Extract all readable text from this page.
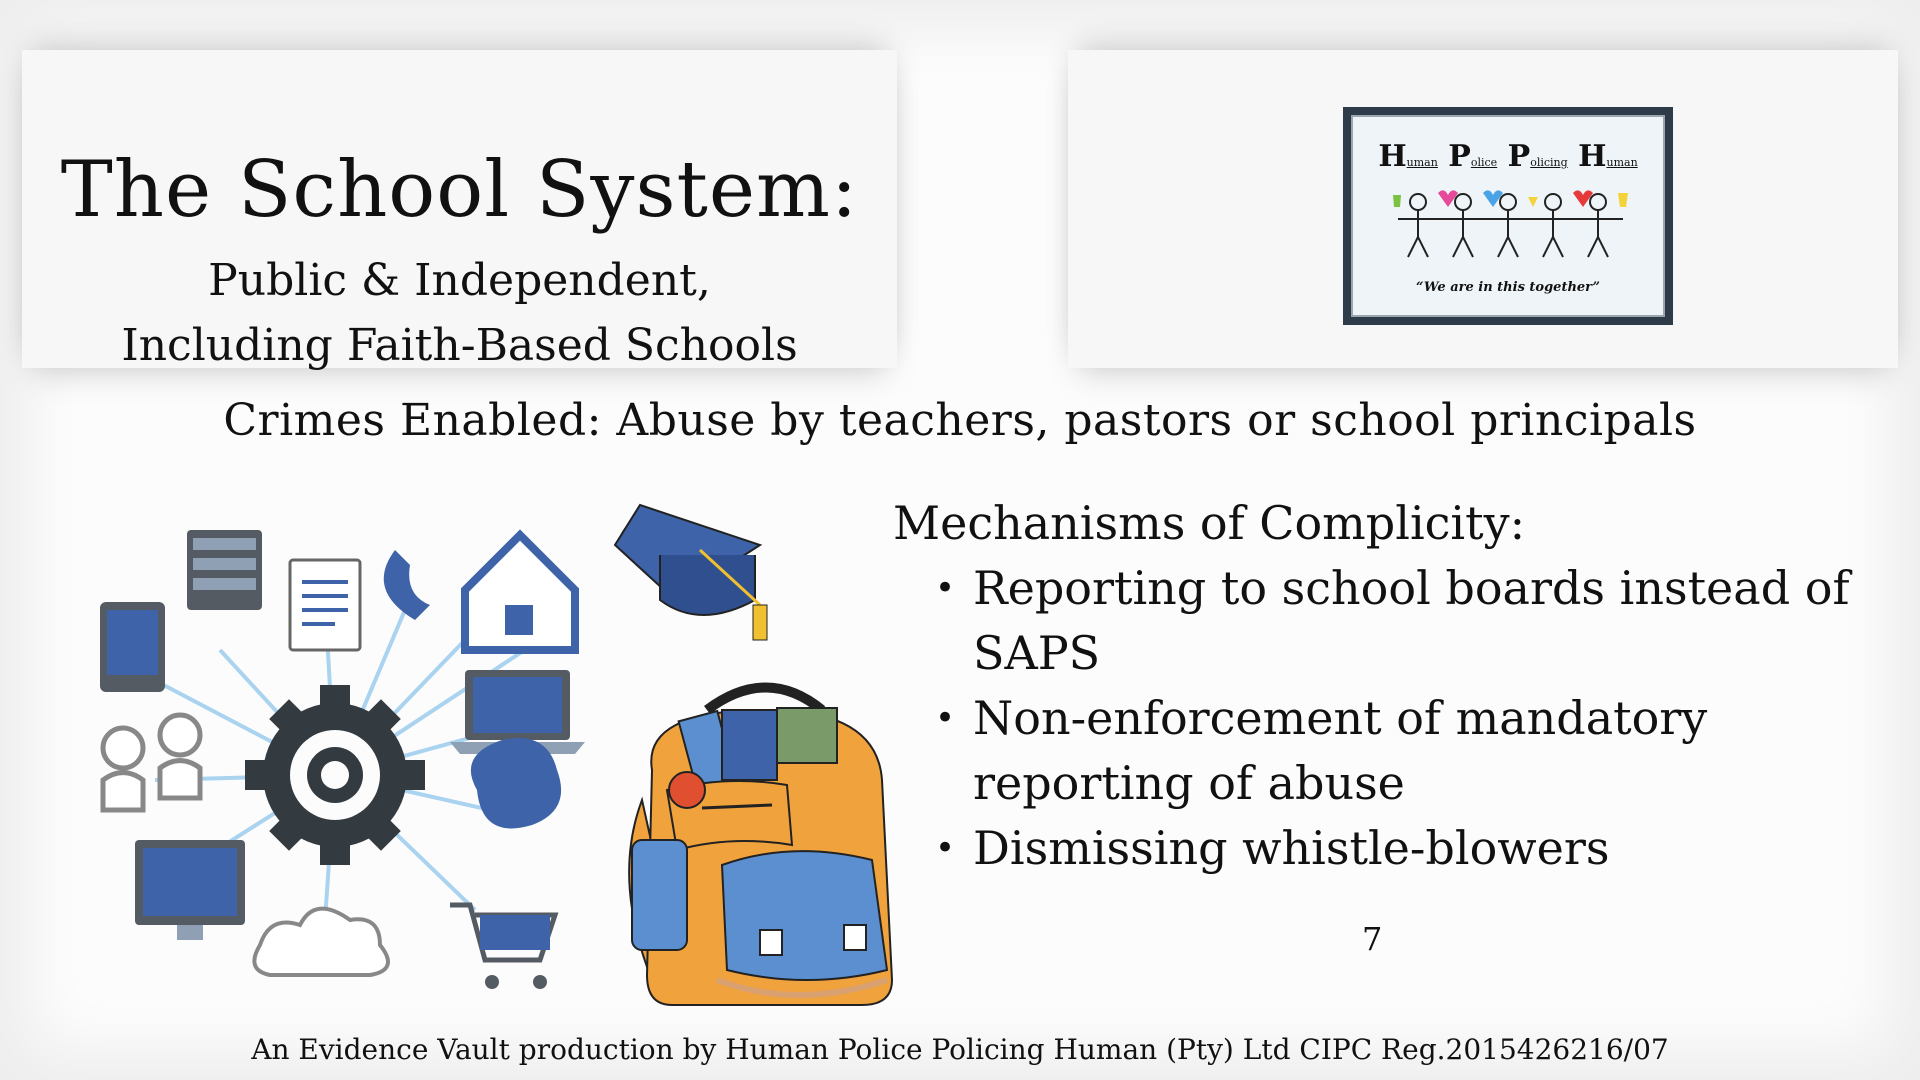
The School System:

Public & Independent,

Including Faith-Based Schools

Human Police Policing Human
“We are in this together”

Crimes Enabled: Abuse by teachers, pastors or school principals

Mechanisms of Complicity:

• Reporting to school boards instead of SAPS
• Non-enforcement of mandatory reporting of abuse
• Dismissing whistle-blowers
7
An Evidence Vault production by Human Police Policing Human (Pty) Ltd CIPC Reg.2015426216/07
